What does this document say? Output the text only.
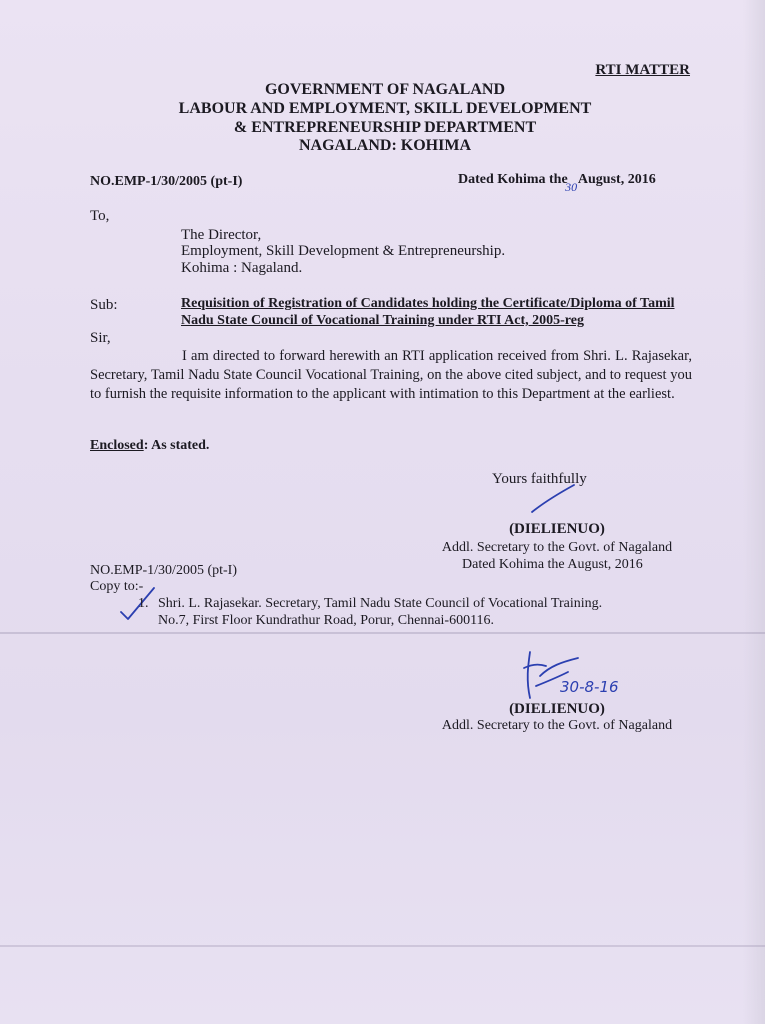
RTI MATTER
GOVERNMENT OF NAGALAND
LABOUR AND EMPLOYMENT, SKILL DEVELOPMENT
& ENTREPRENEURSHIP DEPARTMENT
NAGALAND: KOHIMA
NO.EMP-1/30/2005 (pt-I)	Dated Kohima the
30 August, 2016
To,
The Director,
Employment, Skill Development & Entrepreneurship.
Kohima : Nagaland.
Sub:	Requisition of Registration of Candidates holding the Certificate/Diploma of Tamil Nadu State Council of Vocational Training under RTI Act, 2005-reg
Sir,
I am directed to forward herewith an RTI application received from Shri. L. Rajasekar, Secretary, Tamil Nadu State Council Vocational Training, on the above cited subject, and to request you to furnish the requisite information to the applicant with intimation to this Department at the earliest.
Enclosed: As stated.
Yours faithfully
(DIELIENUO)
Addl. Secretary to the Govt. of Nagaland
NO.EMP-1/30/2005 (pt-I)	Dated Kohima the August, 2016
Copy to:-
1. Shri. L. Rajasekar. Secretary, Tamil Nadu State Council of Vocational Training.
No.7, First Floor Kundrathur Road, Porur, Chennai-600116.
30-8-16
(DIELIENUO)
Addl. Secretary to the Govt. of Nagaland
